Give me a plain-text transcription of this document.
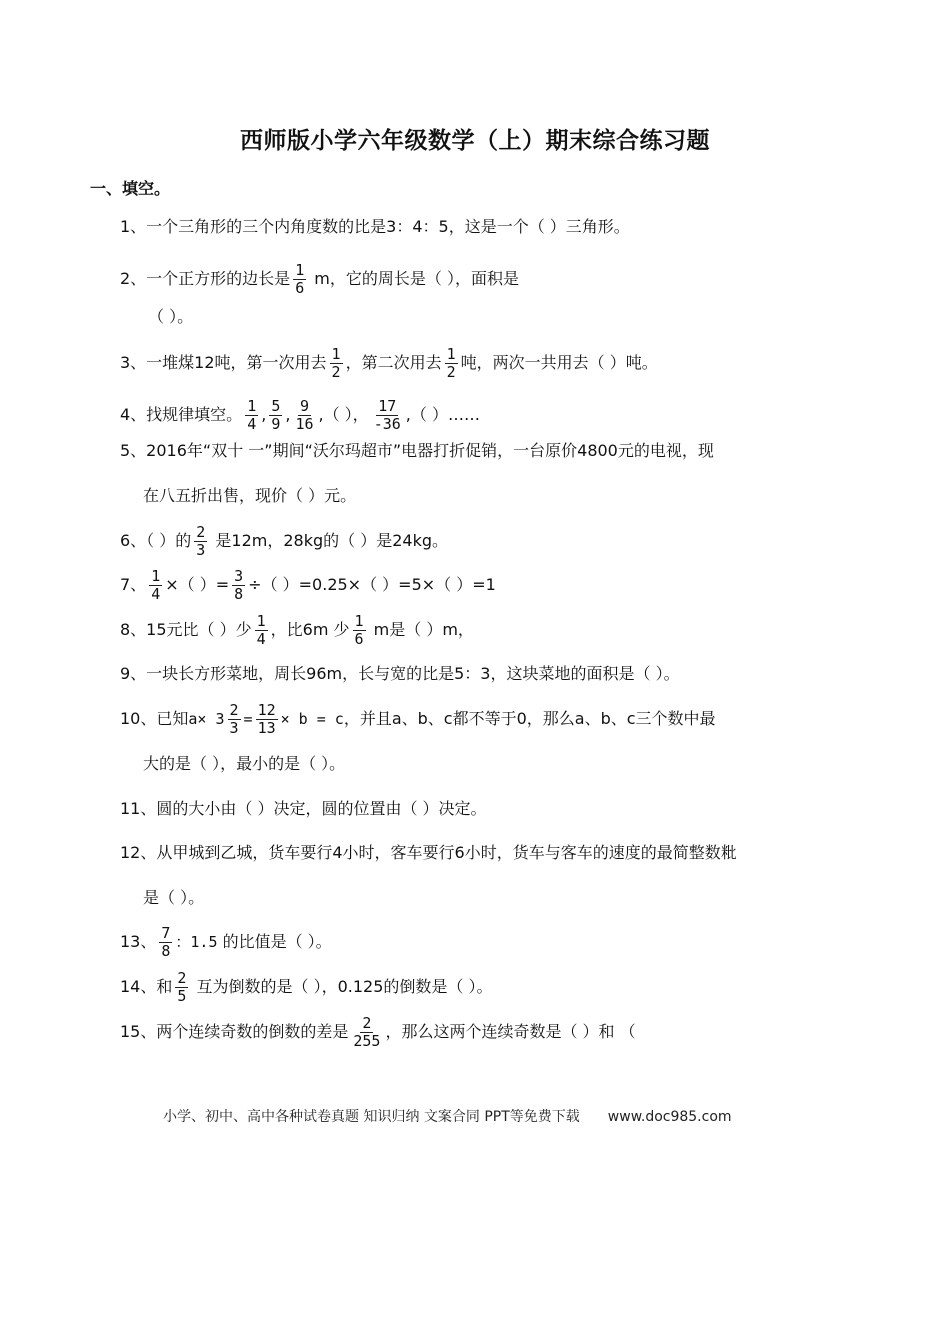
西师版小学六年级数学（上）期末综合练习题
一、填空。
1、一个三角形的三个内角度数的比是3：4：5，这是一个（ ）三角形。
2、一个正方形的边长是 $\frac{1}{6}$ m，它的周长是（ ），面积是
（ ）。
3、一堆煤12吨，第一次用去 $\frac{1}{2}$ ，第二次用去 $\frac{1}{2}$ 吨，两次一共用去（ ）吨。
4、找规律填空。 $\frac{1}{4}$ , $\frac{5}{9}$ , $\frac{9}{16}$ ,（ ）， $\frac{17}{-36}$ ,（ ）……
5、2016年“双十 一”期间“沃尔玛超市”电器打折促销，一台原价4800元的电视，现
在八五折出售，现价（ ）元。
6、（ ）的 $\frac{2}{3}$ 是12m，28kg的（ ）是24kg。
7、 $\frac{1}{4}$ ×（ ）= $\frac{3}{8}$ ÷（ ）=0.25×（ ）=5×（ ）=1
8、15元比（ ）少 $\frac{1}{4}$ ，比6m 少 $\frac{1}{6}$ m是（ ）m，
9、一块长方形菜地，周长96m，长与宽的比是5：3，这块菜地的面积是（ ）。
10、已知$a\times 3 \frac{2}{3} = \frac{12}{13} \times b = c$，并且a、b、c都不等于0，那么a、b、c三个数中最
大的是（ ），最小的是（ ）。
11、圆的大小由（ ）决定，圆的位置由（ ）决定。
12、从甲城到乙城，货车要行4小时，客车要行6小时，货车与客车的速度的最简整数粃
是（ ）。
13、 $\frac{7}{8}$ ：1.5 的比值是（ ）。
14、和 $\frac{2}{5}$ 互为倒数的是（ ），0.125的倒数是（ ）。
15、两个连续奇数的倒数的差是 $\frac{2}{255}$ ，那么这两个连续奇数是（ ）和 （
小学、初中、高中各种试卷真题 知识归纳 文案合同 PPT等免费下载 www.doc985.com
